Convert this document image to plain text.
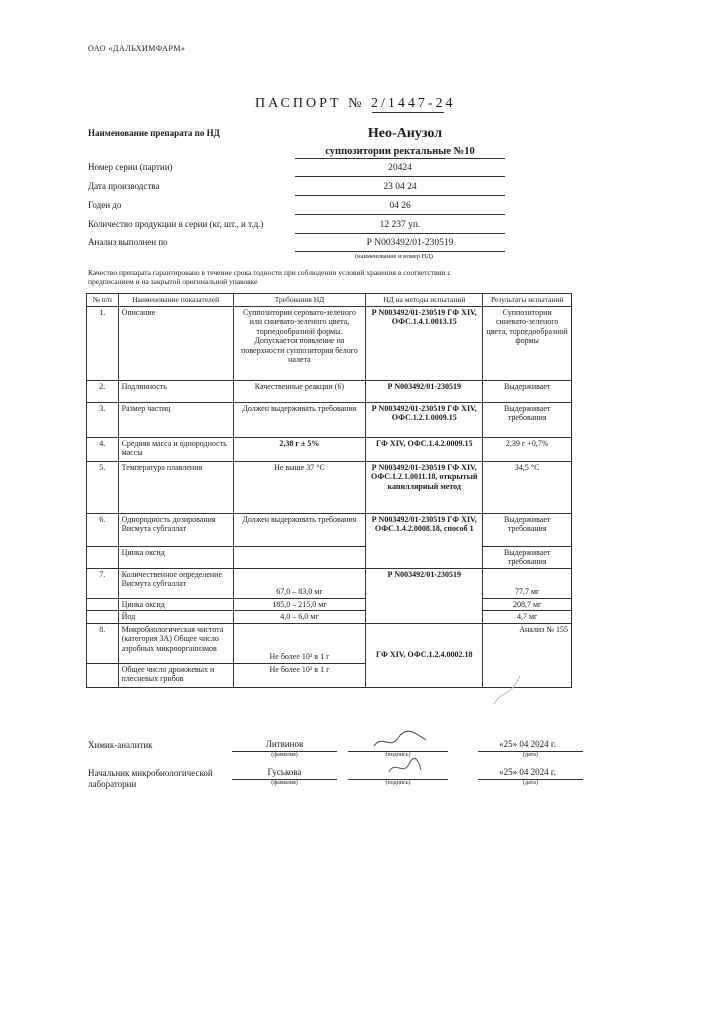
ОАО «ДАЛЬХИМФАРМ»
ПАСПОРТ № 2/1447-24
Наименование препарата по НД	Нео-Анузол
суппозитории ректальные №10
Номер серии (партии)	20424
Дата производства	23 04 24
Годен до	04 26
Количество продукции в серии (кг, шт., и т.д.)	12 237 уп.
Анализ выполнен по	Р N003492/01-230519
(наименование и номер НД)
Качество препарата гарантировано в течение срока годности при соблюдении условий хранения в соответствии с предписанием и на закрытой оригинальной упаковке
№ п/п	Наименование показателей	Требования НД	НД на методы испытаний	Результаты испытаний
1.	Описание	Суппозитории серовато-зеленого или синевато-зеленого цвета, торпедообразной формы. Допускается появление на поверхности суппозитория белого налета	Р N003492/01-230519 ГФ XIV, ОФС.1.4.1.0013.15	Суппозитории синевато-зеленого цвета, торпедообразной формы
2.	Подлинность	Качественные реакции (6)	Р N003492/01-230519	Выдерживает
3.	Размер частиц	Должен выдерживать требования	Р N003492/01-230519 ГФ XIV, ОФС.1.2.1.0009.15	Выдерживает требования
4.	Средняя масса и однородность массы	2,38 г ± 5%	ГФ XIV, ОФС.1.4.2.0009.15	2,39 г +0,7%
5.	Температура плавления	Не выше 37 °С	Р N003492/01-230519 ГФ XIV, ОФС.1.2.1.0011.18, открытый капиллярный метод	34,5 °С
6.	Однородность дозирования Висмута субгаллат	Должен выдерживать требования	Р N003492/01-230519 ГФ XIV, ОФС.1.4.2.0008.18, способ 1	Выдерживает требования
	Цинка оксид			Выдерживает требования
7.	Количественное определение Висмута субгаллат	67,0 – 83,0 мг	Р N003492/01-230519	77,7 мг
	Цинка оксид	185,0 – 215,0 мг		208,7 мг
	Йод	4,0 – 6,0 мг		4,7 мг
8.	Микробиологическая чистота (категория 3А) Общее число аэробных микроорганизмов	Не более 10³ в 1 г	ГФ XIV, ОФС.1.2.4.0002.18	Анализ № 155
	Общее число дрожжевых и плесневых грибов	Не более 10² в 1 г		
Химик-аналитик	Литвинов
(фамилия)	(подпись)
«25» 04 2024 г.
(дата)
Начальник микробиологической лаборатории
Гуськова
(фамилия)	(подпись)
«25» 04 2024 г.
(дата)
